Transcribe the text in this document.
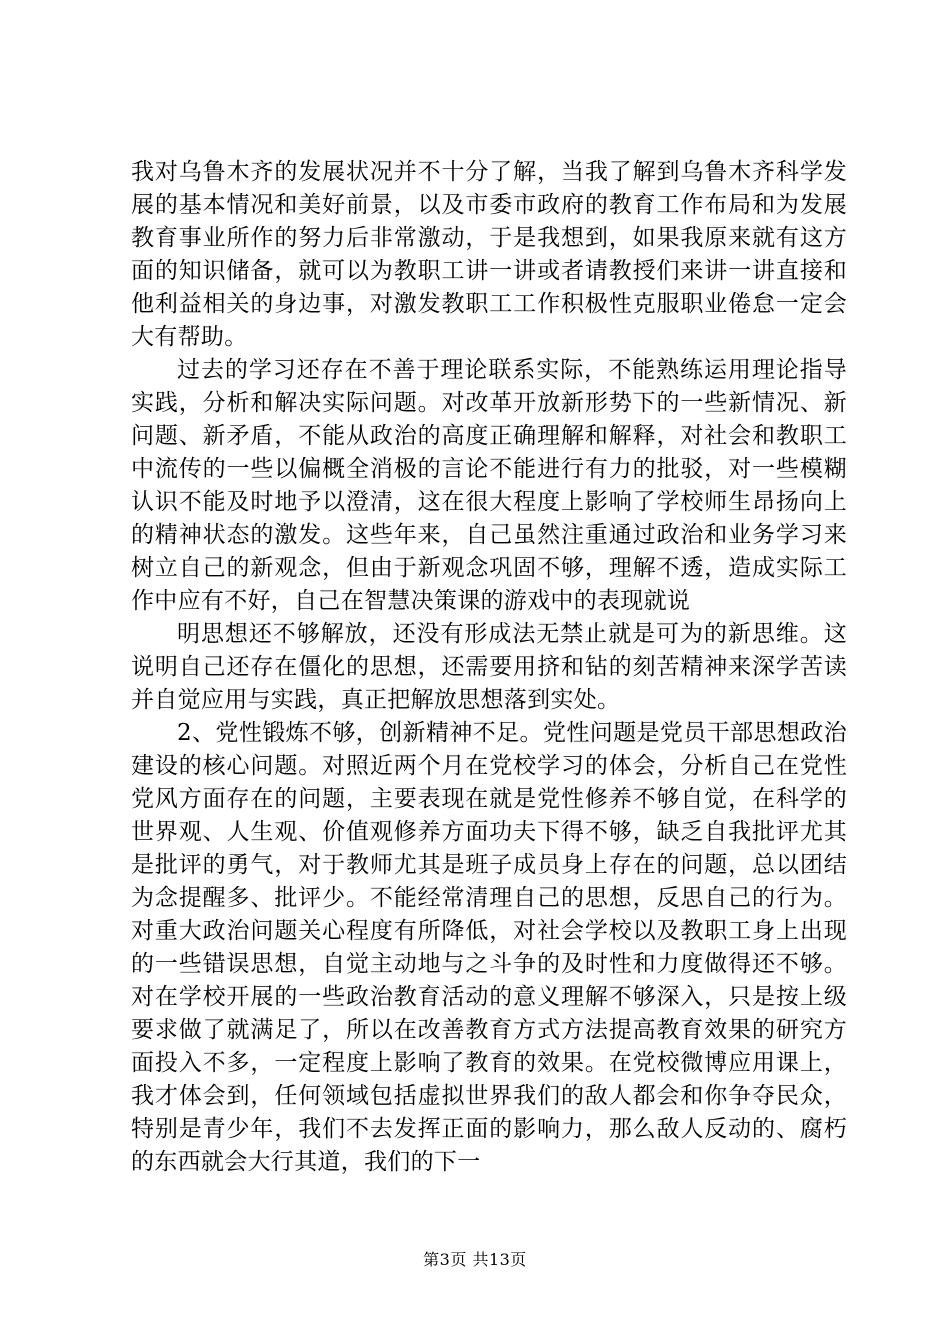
我对乌鲁木齐的发展状况并不十分了解，当我了解到乌鲁木齐科学发展的基本情况和美好前景，以及市委市政府的教育工作布局和为发展教育事业所作的努力后非常激动，于是我想到，如果我原来就有这方面的知识储备，就可以为教职工讲一讲或者请教授们来讲一讲直接和他利益相关的身边事，对激发教职工工作积极性克服职业倦怠一定会大有帮助。

过去的学习还存在不善于理论联系实际，不能熟练运用理论指导实践，分析和解决实际问题。对改革开放新形势下的一些新情况、新问题、新矛盾，不能从政治的高度正确理解和解释，对社会和教职工中流传的一些以偏概全消极的言论不能进行有力的批驳，对一些模糊认识不能及时地予以澄清，这在很大程度上影响了学校师生昂扬向上的精神状态的激发。这些年来，自己虽然注重通过政治和业务学习来树立自己的新观念，但由于新观念巩固不够，理解不透，造成实际工作中应有不好，自己在智慧决策课的游戏中的表现就说

明思想还不够解放，还没有形成法无禁止就是可为的新思维。这说明自己还存在僵化的思想，还需要用挤和钻的刻苦精神来深学苦读并自觉应用与实践，真正把解放思想落到实处。

2、党性锻炼不够，创新精神不足。党性问题是党员干部思想政治建设的核心问题。对照近两个月在党校学习的体会，分析自己在党性党风方面存在的问题，主要表现在就是党性修养不够自觉，在科学的世界观、人生观、价值观修养方面功夫下得不够，缺乏自我批评尤其是批评的勇气，对于教师尤其是班子成员身上存在的问题，总以团结为念提醒多、批评少。不能经常清理自己的思想，反思自己的行为。对重大政治问题关心程度有所降低，对社会学校以及教职工身上出现的一些错误思想，自觉主动地与之斗争的及时性和力度做得还不够。对在学校开展的一些政治教育活动的意义理解不够深入，只是按上级要求做了就满足了，所以在改善教育方式方法提高教育效果的研究方面投入不多，一定程度上影响了教育的效果。在党校微博应用课上，我才体会到，任何领域包括虚拟世界我们的敌人都会和你争夺民众，特别是青少年，我们不去发挥正面的影响力，那么敌人反动的、腐朽的东西就会大行其道，我们的下一

第3页 共13页
